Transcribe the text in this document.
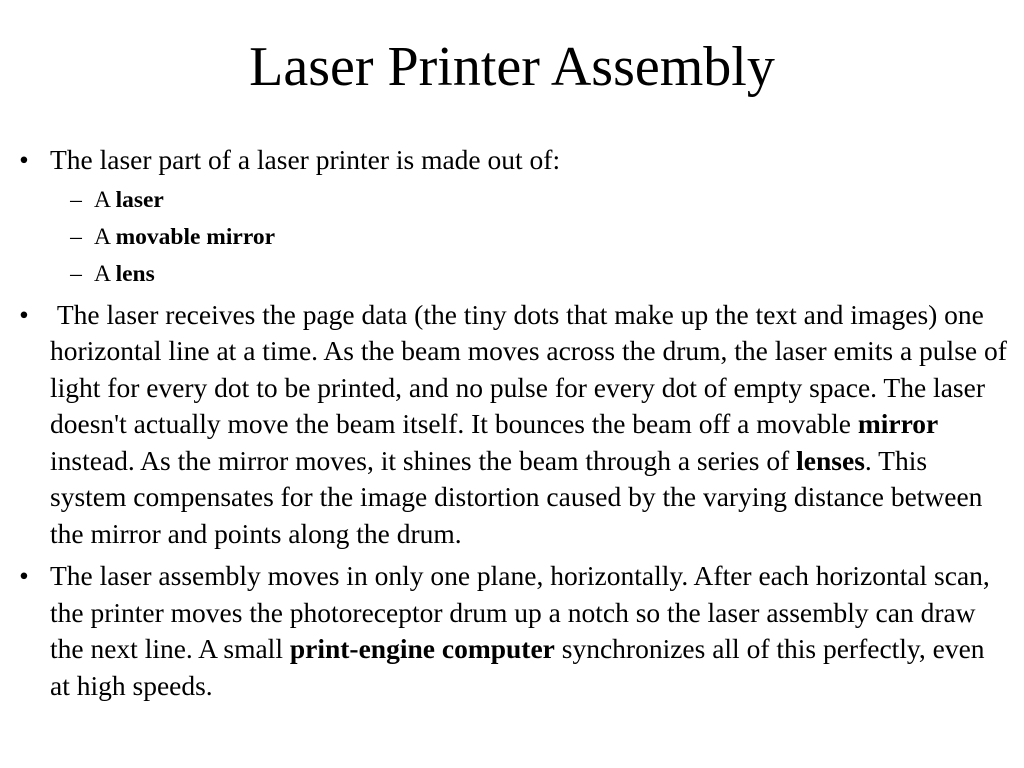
Laser Printer Assembly
• The laser part of a laser printer is made out of:
– A laser
– A movable mirror
– A lens
• The laser receives the page data (the tiny dots that make up the text and images) one horizontal line at a time. As the beam moves across the drum, the laser emits a pulse of light for every dot to be printed, and no pulse for every dot of empty space. The laser doesn't actually move the beam itself. It bounces the beam off a movable mirror instead. As the mirror moves, it shines the beam through a series of lenses. This system compensates for the image distortion caused by the varying distance between the mirror and points along the drum.
• The laser assembly moves in only one plane, horizontally. After each horizontal scan, the printer moves the photoreceptor drum up a notch so the laser assembly can draw the next line. A small print-engine computer synchronizes all of this perfectly, even at high speeds.
